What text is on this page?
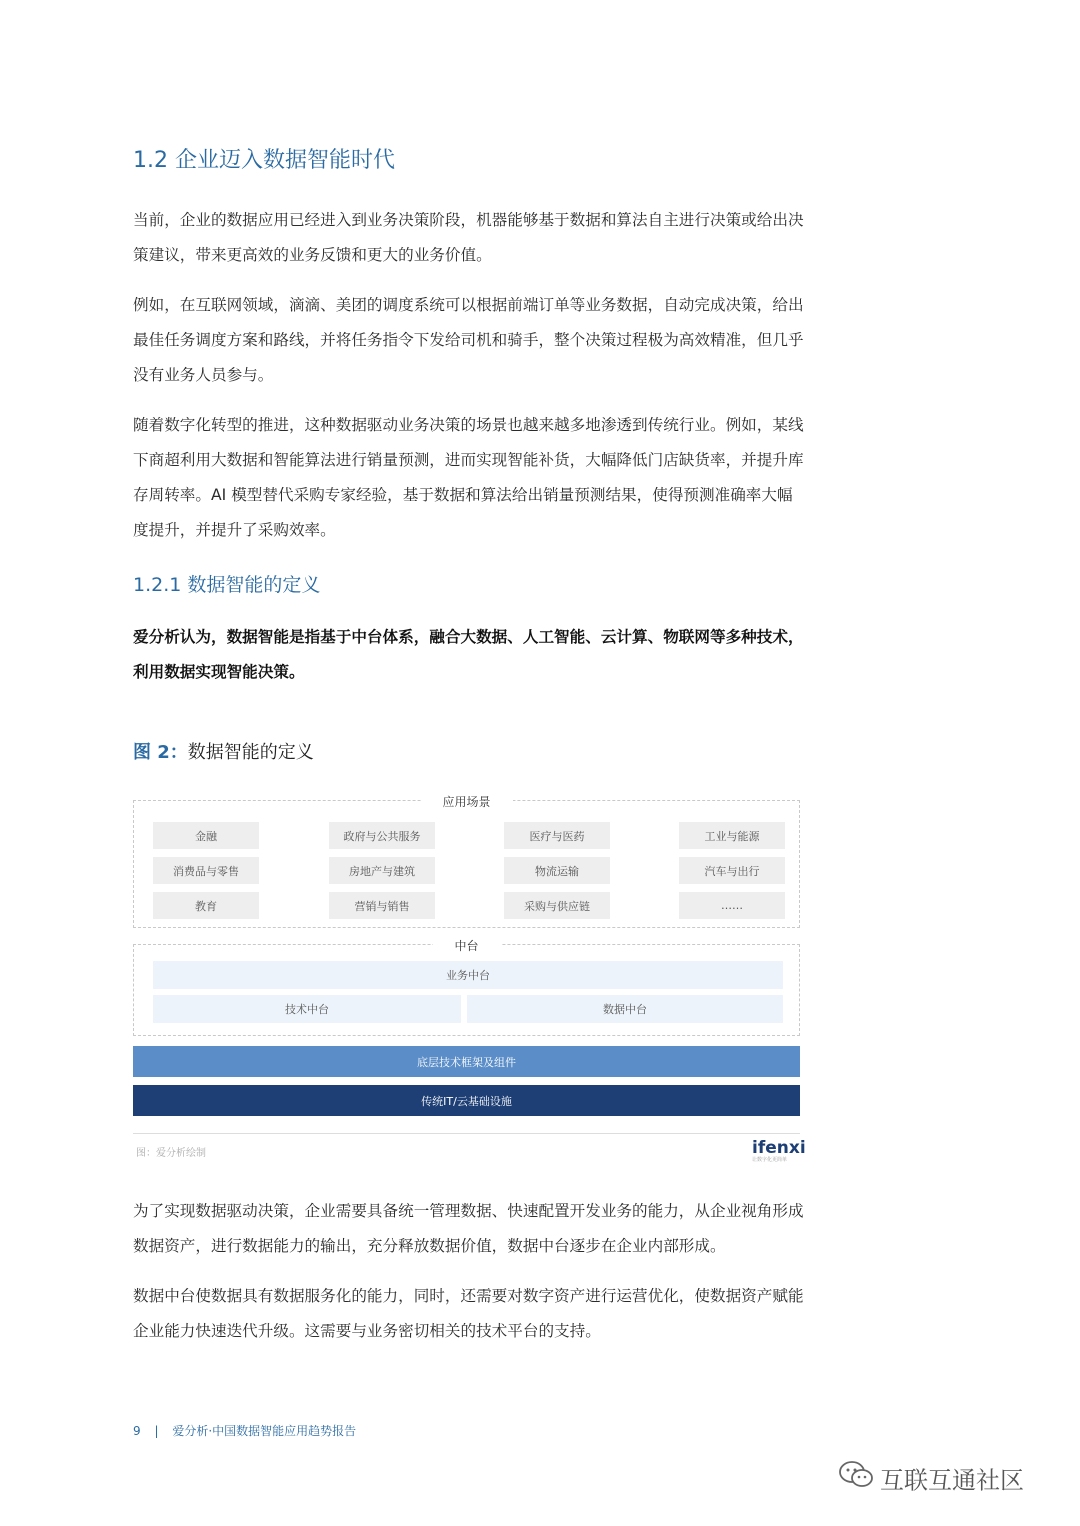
1.2 企业迈入数据智能时代
当前，企业的数据应用已经进入到业务决策阶段，机器能够基于数据和算法自主进行决策或给出决策建议，带来更高效的业务反馈和更大的业务价值。
例如，在互联网领域，滴滴、美团的调度系统可以根据前端订单等业务数据，自动完成决策，给出最佳任务调度方案和路线，并将任务指令下发给司机和骑手，整个决策过程极为高效精准，但几乎没有业务人员参与。
随着数字化转型的推进，这种数据驱动业务决策的场景也越来越多地渗透到传统行业。例如，某线下商超利用大数据和智能算法进行销量预测，进而实现智能补货，大幅降低门店缺货率，并提升库存周转率。AI 模型替代采购专家经验，基于数据和算法给出销量预测结果，使得预测准确率大幅度提升，并提升了采购效率。
1.2.1 数据智能的定义
爱分析认为，数据智能是指基于中台体系，融合大数据、人工智能、云计算、物联网等多种技术，利用数据实现智能决策。
图 2：数据智能的定义
应用场景
金融	政府与公共服务	医疗与医药	工业与能源
消费品与零售	房地产与建筑	物流运输	汽车与出行
教育	营销与销售	采购与供应链	……
中台
业务中台
技术中台	数据中台
底层技术框架及组件
传统IT/云基础设施
图：爱分析绘制	ifenxi
让数字化更简单
为了实现数据驱动决策，企业需要具备统一管理数据、快速配置开发业务的能力，从企业视角形成数据资产，进行数据能力的输出，充分释放数据价值，数据中台逐步在企业内部形成。
数据中台使数据具有数据服务化的能力，同时，还需要对数字资产进行运营优化，使数据资产赋能企业能力快速迭代升级。这需要与业务密切相关的技术平台的支持。
9 | 爱分析·中国数据智能应用趋势报告
互联互通社区
